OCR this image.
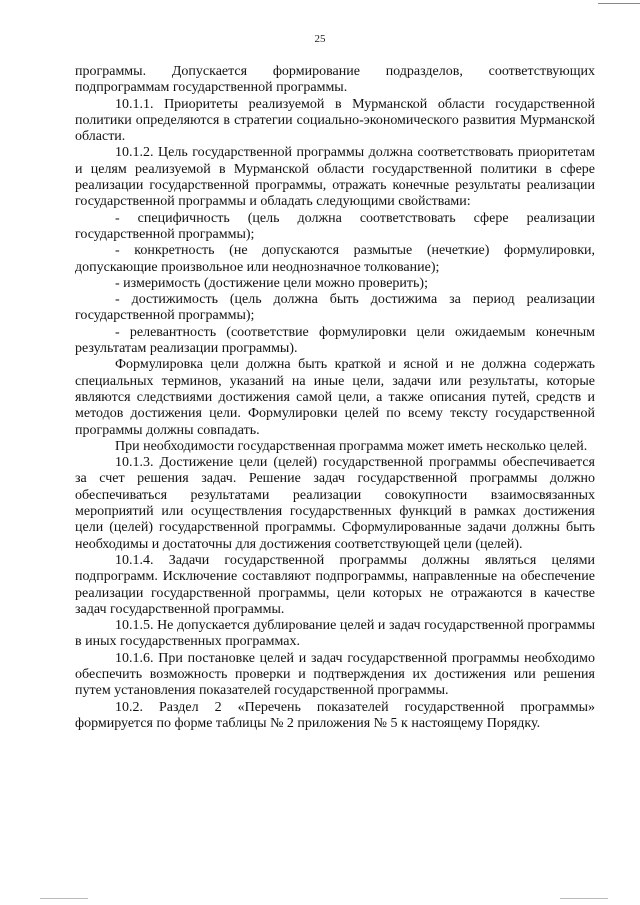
25

программы. Допускается формирование подразделов, соответствующих подпрограммам государственной программы.

10.1.1. Приоритеты реализуемой в Мурманской области государственной политики определяются в стратегии социально-экономического развития Мурманской области.

10.1.2. Цель государственной программы должна соответствовать приоритетам и целям реализуемой в Мурманской области государственной политики в сфере реализации государственной программы, отражать конечные результаты реализации государственной программы и обладать следующими свойствами:

- специфичность (цель должна соответствовать сфере реализации государственной программы);

- конкретность (не допускаются размытые (нечеткие) формулировки, допускающие произвольное или неоднозначное толкование);

- измеримость (достижение цели можно проверить);

- достижимость (цель должна быть достижима за период реализации государственной программы);

- релевантность (соответствие формулировки цели ожидаемым конечным результатам реализации программы).

Формулировка цели должна быть краткой и ясной и не должна содержать специальных терминов, указаний на иные цели, задачи или результаты, которые являются следствиями достижения самой цели, а также описания путей, средств и методов достижения цели. Формулировки целей по всему тексту государственной программы должны совпадать.

При необходимости государственная программа может иметь несколько целей.

10.1.3. Достижение цели (целей) государственной программы обеспечивается за счет решения задач. Решение задач государственной программы должно обеспечиваться результатами реализации совокупности взаимосвязанных мероприятий или осуществления государственных функций в рамках достижения цели (целей) государственной программы. Сформулированные задачи должны быть необходимы и достаточны для достижения соответствующей цели (целей).

10.1.4. Задачи государственной программы должны являться целями подпрограмм. Исключение составляют подпрограммы, направленные на обеспечение реализации государственной программы, цели которых не отражаются в качестве задач государственной программы.

10.1.5. Не допускается дублирование целей и задач государственной программы в иных государственных программах.

10.1.6. При постановке целей и задач государственной программы необходимо обеспечить возможность проверки и подтверждения их достижения или решения путем установления показателей государственной программы.

10.2. Раздел 2 «Перечень показателей государственной программы» формируется по форме таблицы № 2 приложения № 5 к настоящему Порядку.
